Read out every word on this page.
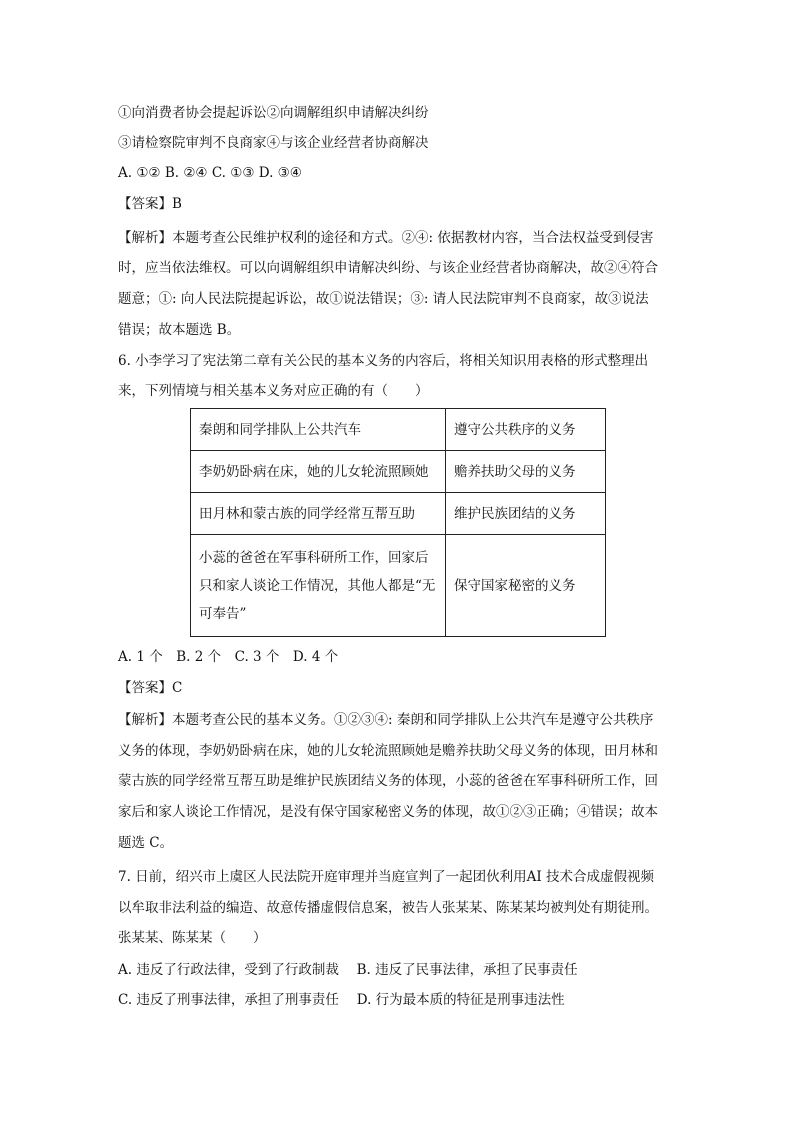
①向消费者协会提起诉讼②向调解组织申请解决纠纷
③请检察院审判不良商家④与该企业经营者协商解决
A. ①② B. ②④ C. ①③ D. ③④
【答案】B
【解析】本题考查公民维护权利的途径和方式。②④: 依据教材内容，当合法权益受到侵害
时，应当依法维权。可以向调解组织申请解决纠纷、与该企业经营者协商解决，故②④符合
题意；①: 向人民法院提起诉讼，故①说法错误；③: 请人民法院审判不良商家，故③说法
错误；故本题选 B。
6. 小李学习了宪法第二章有关公民的基本义务的内容后，将相关知识用表格的形式整理出
来，下列情境与相关基本义务对应正确的有（　　）
秦朗和同学排队上公共汽车	遵守公共秩序的义务
李奶奶卧病在床，她的儿女轮流照顾她	赡养扶助父母的义务
田月林和蒙古族的同学经常互帮互助	维护民族团结的义务

小蕊的爸爸在军事科研所工作，回家后
只和家人谈论工作情况，其他人都是“无
可奉告”	保守国家秘密的义务
A. 1 个　B. 2 个　C. 3 个　D. 4 个
【答案】C
【解析】本题考查公民的基本义务。①②③④: 秦朗和同学排队上公共汽车是遵守公共秩序
义务的体现，李奶奶卧病在床，她的儿女轮流照顾她是赡养扶助父母义务的体现，田月林和
蒙古族的同学经常互帮互助是维护民族团结义务的体现，小蕊的爸爸在军事科研所工作，回
家后和家人谈论工作情况，是没有保守国家秘密义务的体现，故①②③正确；④错误；故本
题选 C。
7. 日前，绍兴市上虞区人民法院开庭审理并当庭宣判了一起团伙利用AI 技术合成虚假视频
以牟取非法利益的编造、故意传播虚假信息案，被告人张某某、陈某某均被判处有期徒刑。
张某某、陈某某（　　）
A. 违反了行政法律，受到了行政制裁　 B. 违反了民事法律，承担了民事责任
C. 违反了刑事法律，承担了刑事责任　 D. 行为最本质的特征是刑事违法性
